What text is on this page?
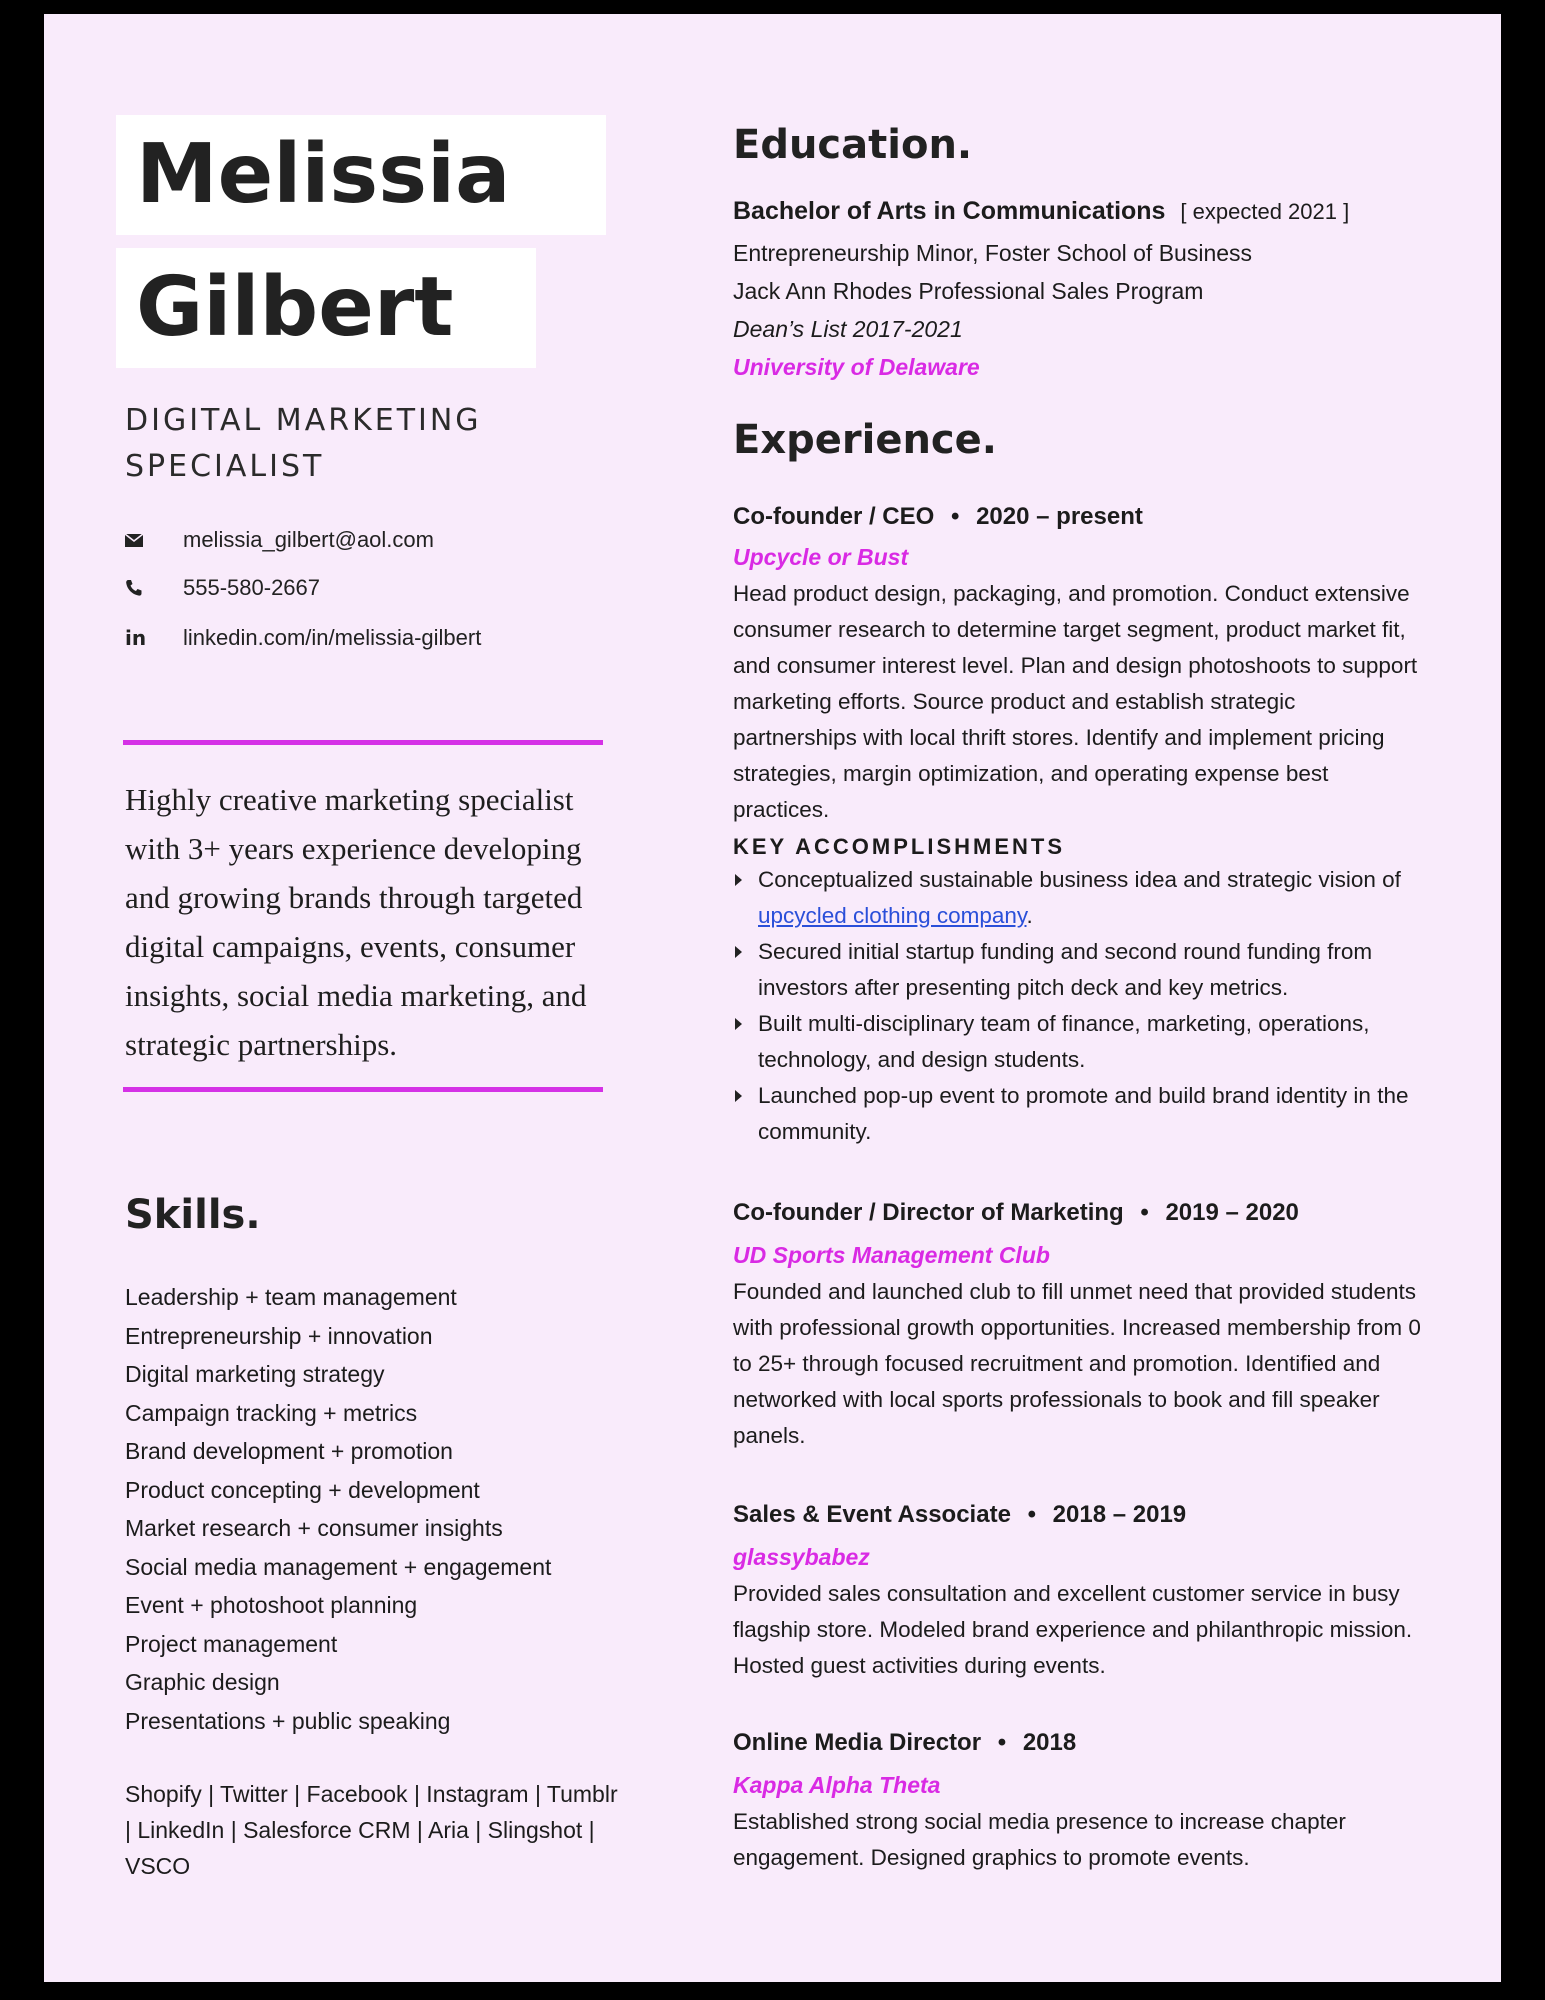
Melissia
Gilbert
DIGITAL MARKETING SPECIALIST
melissia_gilbert@aol.com
555-580-2667
in	linkedin.com/in/melissia-gilbert
Highly creative marketing specialist with 3+ years experience developing and growing brands through targeted digital campaigns, events, consumer insights, social media marketing, and strategic partnerships.
Skills.
Leadership + team management
Entrepreneurship + innovation
Digital marketing strategy
Campaign tracking + metrics
Brand development + promotion
Product concepting + development
Market research + consumer insights
Social media management + engagement
Event + photoshoot planning
Project management
Graphic design
Presentations + public speaking
Shopify | Twitter | Facebook | Instagram | Tumblr | LinkedIn | Salesforce CRM | Aria | Slingshot | VSCO
Education.
Bachelor of Arts in Communications [ expected 2021 ]
Entrepreneurship Minor, Foster School of Business
Jack Ann Rhodes Professional Sales Program
Dean’s List 2017-2021
University of Delaware
Experience.
Co-founder / CEO • 2020 – present
Upcycle or Bust
Head product design, packaging, and promotion. Conduct extensive consumer research to determine target segment, product market fit, and consumer interest level. Plan and design photoshoots to support marketing efforts. Source product and establish strategic partnerships with local thrift stores. Identify and implement pricing strategies, margin optimization, and operating expense best practices.
KEY ACCOMPLISHMENTS
Conceptualized sustainable business idea and strategic vision of upcycled clothing company.
Secured initial startup funding and second round funding from investors after presenting pitch deck and key metrics.
Built multi-disciplinary team of finance, marketing, operations, technology, and design students.
Launched pop-up event to promote and build brand identity in the community.
Co-founder / Director of Marketing • 2019 – 2020
UD Sports Management Club
Founded and launched club to fill unmet need that provided students with professional growth opportunities. Increased membership from 0 to 25+ through focused recruitment and promotion. Identified and networked with local sports professionals to book and fill speaker panels.
Sales & Event Associate • 2018 – 2019
glassybabez
Provided sales consultation and excellent customer service in busy flagship store. Modeled brand experience and philanthropic mission. Hosted guest activities during events.
Online Media Director • 2018
Kappa Alpha Theta
Established strong social media presence to increase chapter engagement. Designed graphics to promote events.
